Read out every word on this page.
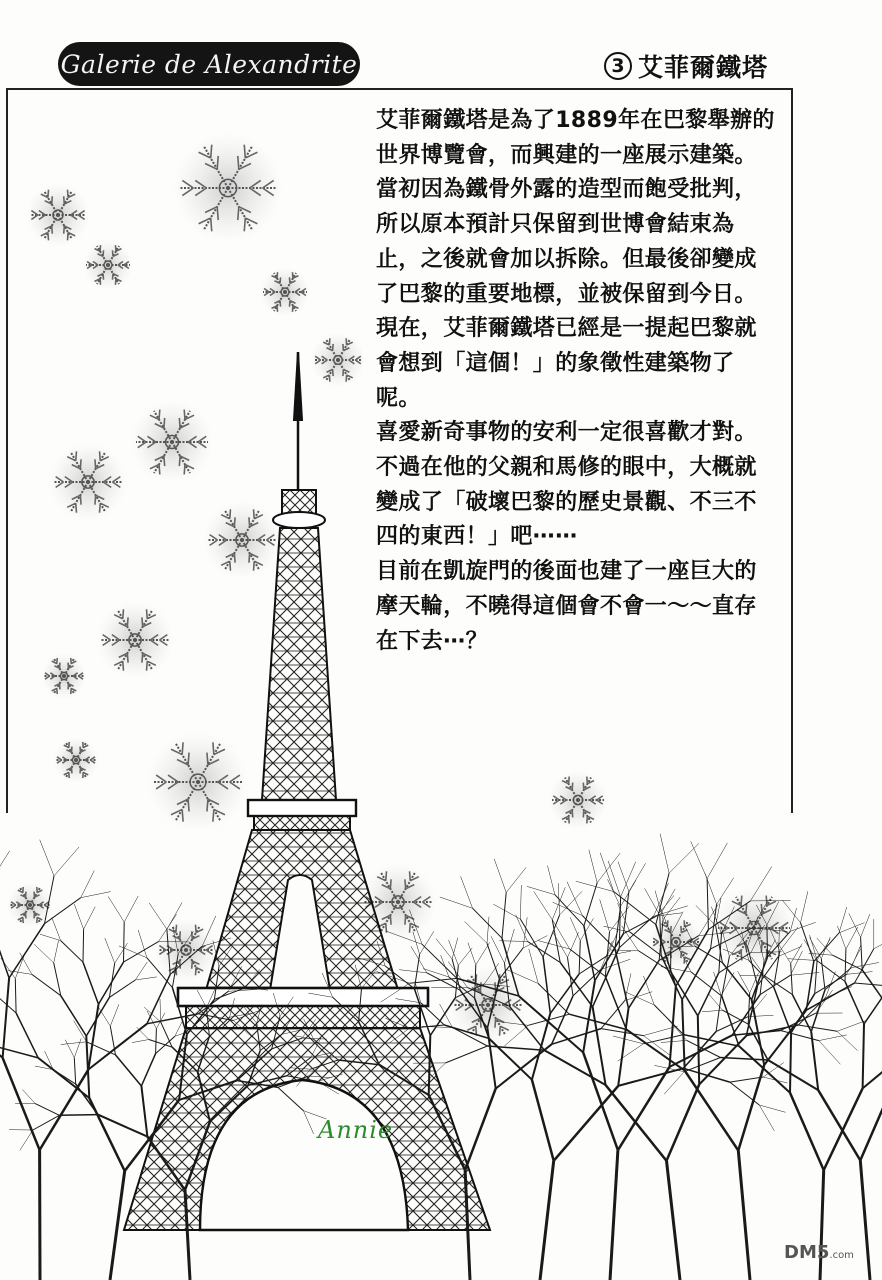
Galerie de Alexandrite	3 艾菲爾鐵塔

艾菲爾鐵塔是為了1889年在巴黎舉辦的世界博覽會，而興建的一座展示建築。

當初因為鐵骨外露的造型而飽受批判，所以原本預計只保留到世博會結束為止，之後就會加以拆除。但最後卻變成了巴黎的重要地標，並被保留到今日。

現在，艾菲爾鐵塔已經是一提起巴黎就會想到「這個！」的象徵性建築物了呢。

喜愛新奇事物的安利一定很喜歡才對。不過在他的父親和馬修的眼中，大概就變成了「破壞巴黎的歷史景觀、不三不四的東西！」吧⋯⋯

目前在凱旋門的後面也建了一座巨大的摩天輪，不曉得這個會不會一〜〜直存在下去⋯？

Annie
DM5.com
